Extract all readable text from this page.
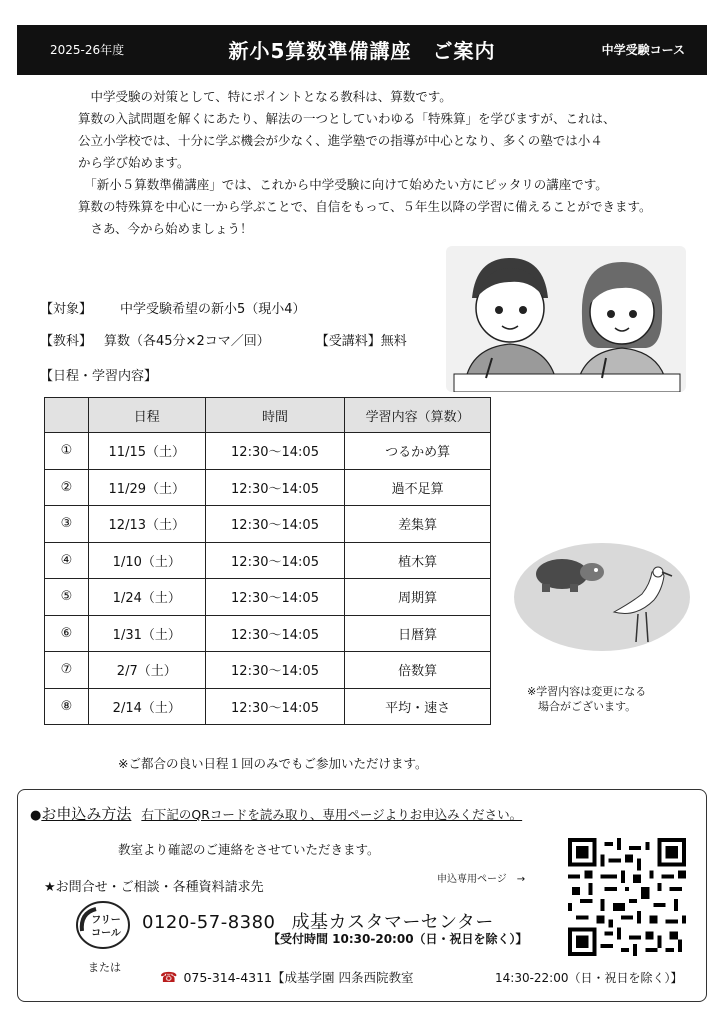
2025-26年度	新小5算数準備講座　ご案内	中学受験コース

　中学受験の対策として、特にポイントとなる教科は、算数です。

算数の入試問題を解くにあたり、解法の一つとしていわゆる「特殊算」を学びますが、これは、

公立小学校では、十分に学ぶ機会が少なく、進学塾での指導が中心となり、多くの塾では小４

から学び始めます。

　「新小５算数準備講座」では、これから中学受験に向けて始めたい方にピッタリの講座です。

算数の特殊算を中心に一から学ぶことで、自信をもって、５年生以降の学習に備えることができます。

　さあ、今から始めましょう！

【対象】 中学受験希望の新小5（現小4）
【教科】 算数（各45分×2コマ／回）	【受講料】無料
【日程・学習内容】
	日程	時間	学習内容（算数）
①	11/15（土）	12:30～14:05	つるかめ算
②	11/29（土）	12:30～14:05	過不足算
③	12/13（土）	12:30～14:05	差集算
④	1/10（土）	12:30～14:05	植木算
⑤	1/24（土）	12:30～14:05	周期算
⑥	1/31（土）	12:30～14:05	日暦算
⑦	2/7（土）	12:30～14:05	倍数算
⑧	2/14（土）	12:30～14:05	平均・速さ
※学習内容は変更になる
　場合がございます。
※ご都合の良い日程１回のみでもご参加いただけます。
●お申込み方法 右下記のQRコードを読み取り、専用ページよりお申込みください。
教室より確認のご連絡をさせていただきます。
★お問合せ・ご相談・各種資料請求先
申込専用ページ　→
フリー
コール
0120-57-8380 成基カスタマーセンター
【受付時間 10:30-20:00（日・祝日を除く）】
または
☎ 075-314-4311【成基学園 四条西院教室	14:30-22:00（日・祝日を除く）】
